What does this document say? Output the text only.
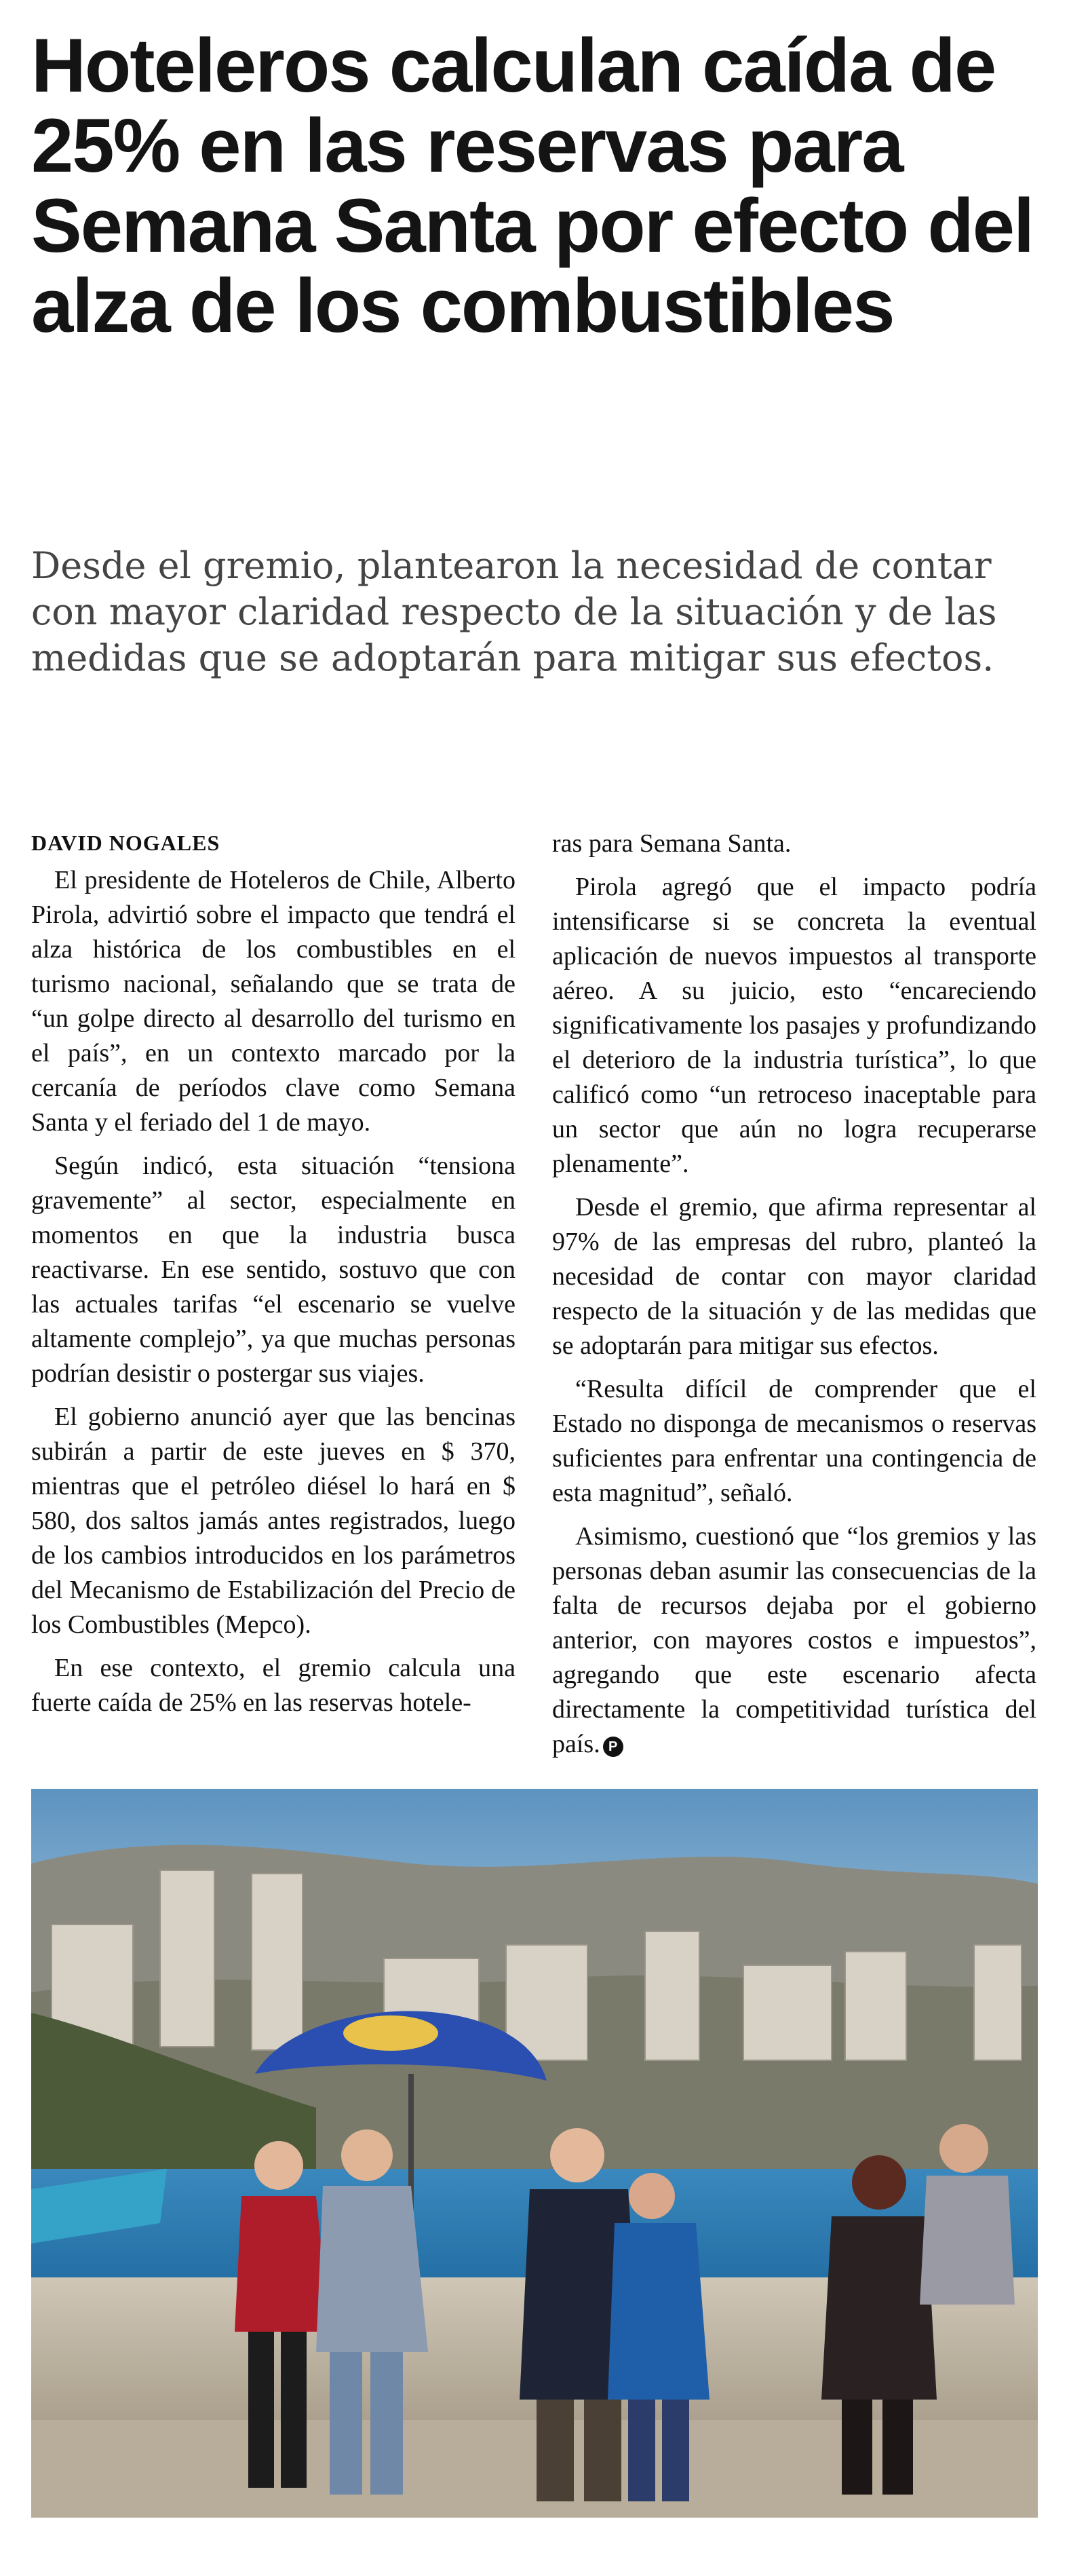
Hoteleros calculan caída de 25% en las reservas para Semana Santa por efecto del alza de los combustibles

Desde el gremio, plantearon la necesidad de contar con mayor claridad respecto de la situación y de las medidas que se adoptarán para mitigar sus efectos.

DAVID NOGALES

El presidente de Hoteleros de Chile, Alberto Pirola, advirtió sobre el impacto que tendrá el alza histórica de los combustibles en el turismo nacional, señalando que se trata de “un golpe directo al desarrollo del turismo en el país”, en un contexto marcado por la cercanía de períodos clave como Semana Santa y el feriado del 1 de mayo.

Según indicó, esta situación “tensiona gravemente” al sector, especialmente en momentos en que la industria busca reactivarse. En ese sentido, sostuvo que con las actuales tarifas “el escenario se vuelve altamente complejo”, ya que muchas personas podrían desistir o postergar sus viajes.

El gobierno anunció ayer que las bencinas subirán a partir de este jueves en $ 370, mientras que el petróleo diésel lo hará en $ 580, dos saltos jamás antes registrados, luego de los cambios introducidos en los parámetros del Mecanismo de Estabilización del Precio de los Combustibles (Mepco).

En ese contexto, el gremio calcula una fuerte caída de 25% en las reservas hotele-

ras para Semana Santa.

Pirola agregó que el impacto podría intensificarse si se concreta la eventual aplicación de nuevos impuestos al transporte aéreo. A su juicio, esto “encareciendo significativamente los pasajes y profundizando el deterioro de la industria turística”, lo que calificó como “un retroceso inaceptable para un sector que aún no logra recuperarse plenamente”.

Desde el gremio, que afirma representar al 97% de las empresas del rubro, planteó la necesidad de contar con mayor claridad respecto de la situación y de las medidas que se adoptarán para mitigar sus efectos.

“Resulta difícil de comprender que el Estado no disponga de mecanismos o reservas suficientes para enfrentar una contingencia de esta magnitud”, señaló.

Asimismo, cuestionó que “los gremios y las personas deban asumir las consecuencias de la falta de recursos dejaba por el gobierno anterior, con mayores costos e impuestos”, agregando que este escenario afecta directamente la competitividad turística del país. P
